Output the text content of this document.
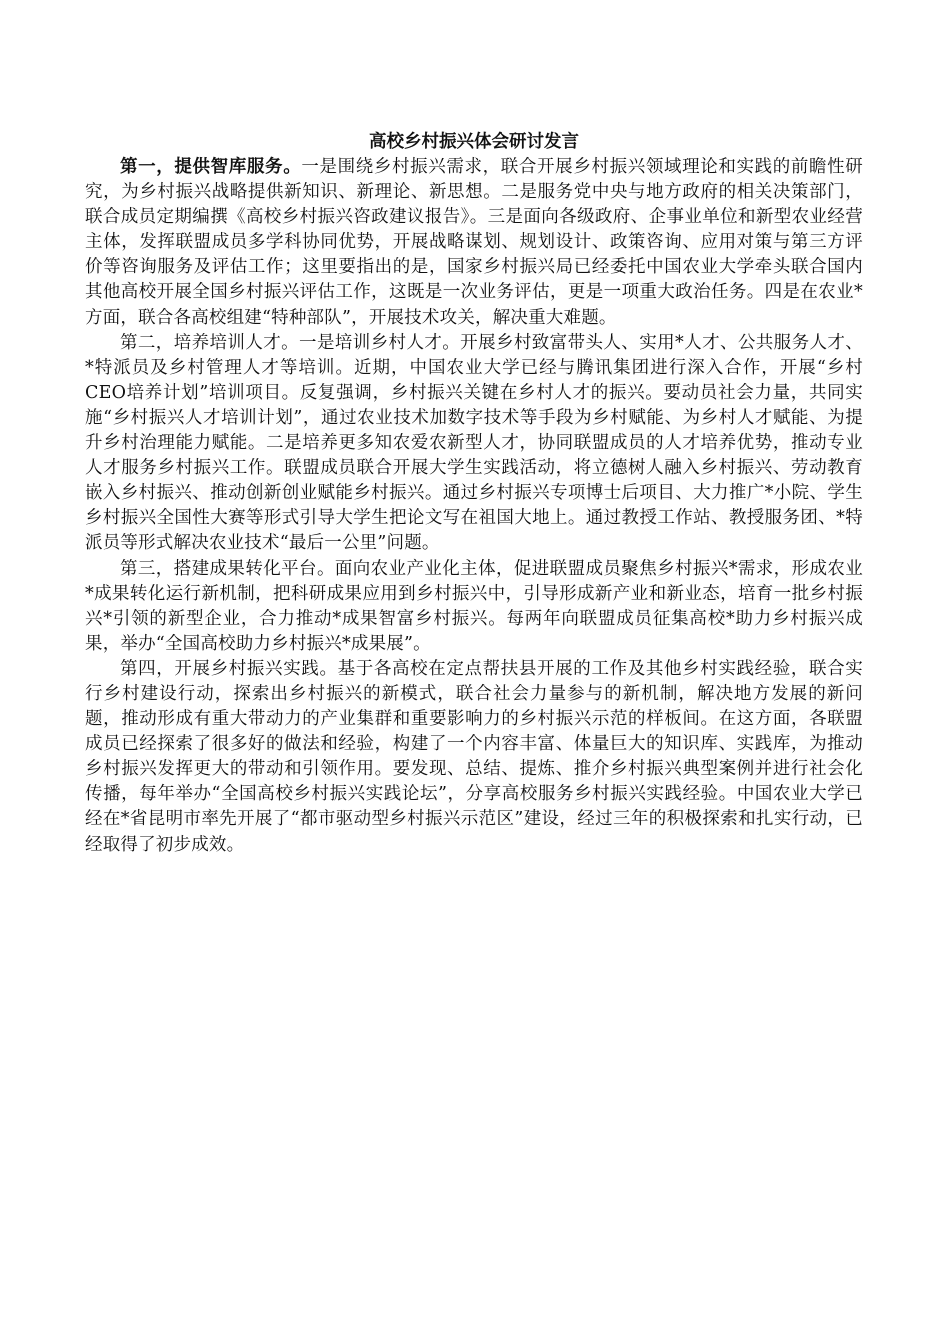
高校乡村振兴体会研讨发言

第一，提供智库服务。一是围绕乡村振兴需求，联合开展乡村振兴领域理论和实践的前瞻性研究，为乡村振兴战略提供新知识、新理论、新思想。二是服务党中央与地方政府的相关决策部门，联合成员定期编撰《高校乡村振兴咨政建议报告》。三是面向各级政府、企事业单位和新型农业经营主体，发挥联盟成员多学科协同优势，开展战略谋划、规划设计、政策咨询、应用对策与第三方评价等咨询服务及评估工作；这里要指出的是，国家乡村振兴局已经委托中国农业大学牵头联合国内其他高校开展全国乡村振兴评估工作，这既是一次业务评估，更是一项重大政治任务。四是在农业*方面，联合各高校组建“特种部队”，开展技术攻关，解决重大难题。

第二，培养培训人才。一是培训乡村人才。开展乡村致富带头人、实用*人才、公共服务人才、*特派员及乡村管理人才等培训。近期，中国农业大学已经与腾讯集团进行深入合作，开展“乡村CEO培养计划”培训项目。反复强调，乡村振兴关键在乡村人才的振兴。要动员社会力量，共同实施“乡村振兴人才培训计划”，通过农业技术加数字技术等手段为乡村赋能、为乡村人才赋能、为提升乡村治理能力赋能。二是培养更多知农爱农新型人才，协同联盟成员的人才培养优势，推动专业人才服务乡村振兴工作。联盟成员联合开展大学生实践活动，将立德树人融入乡村振兴、劳动教育嵌入乡村振兴、推动创新创业赋能乡村振兴。通过乡村振兴专项博士后项目、大力推广*小院、学生乡村振兴全国性大赛等形式引导大学生把论文写在祖国大地上。通过教授工作站、教授服务团、*特派员等形式解决农业技术“最后一公里”问题。

第三，搭建成果转化平台。面向农业产业化主体，促进联盟成员聚焦乡村振兴*需求，形成农业*成果转化运行新机制，把科研成果应用到乡村振兴中，引导形成新产业和新业态，培育一批乡村振兴*引领的新型企业，合力推动*成果智富乡村振兴。每两年向联盟成员征集高校*助力乡村振兴成果，举办“全国高校助力乡村振兴*成果展”。

第四，开展乡村振兴实践。基于各高校在定点帮扶县开展的工作及其他乡村实践经验，联合实行乡村建设行动，探索出乡村振兴的新模式，联合社会力量参与的新机制，解决地方发展的新问题，推动形成有重大带动力的产业集群和重要影响力的乡村振兴示范的样板间。在这方面，各联盟成员已经探索了很多好的做法和经验，构建了一个内容丰富、体量巨大的知识库、实践库，为推动乡村振兴发挥更大的带动和引领作用。要发现、总结、提炼、推介乡村振兴典型案例并进行社会化传播，每年举办“全国高校乡村振兴实践论坛”，分享高校服务乡村振兴实践经验。中国农业大学已经在*省昆明市率先开展了“都市驱动型乡村振兴示范区”建设，经过三年的积极探索和扎实行动，已经取得了初步成效。
